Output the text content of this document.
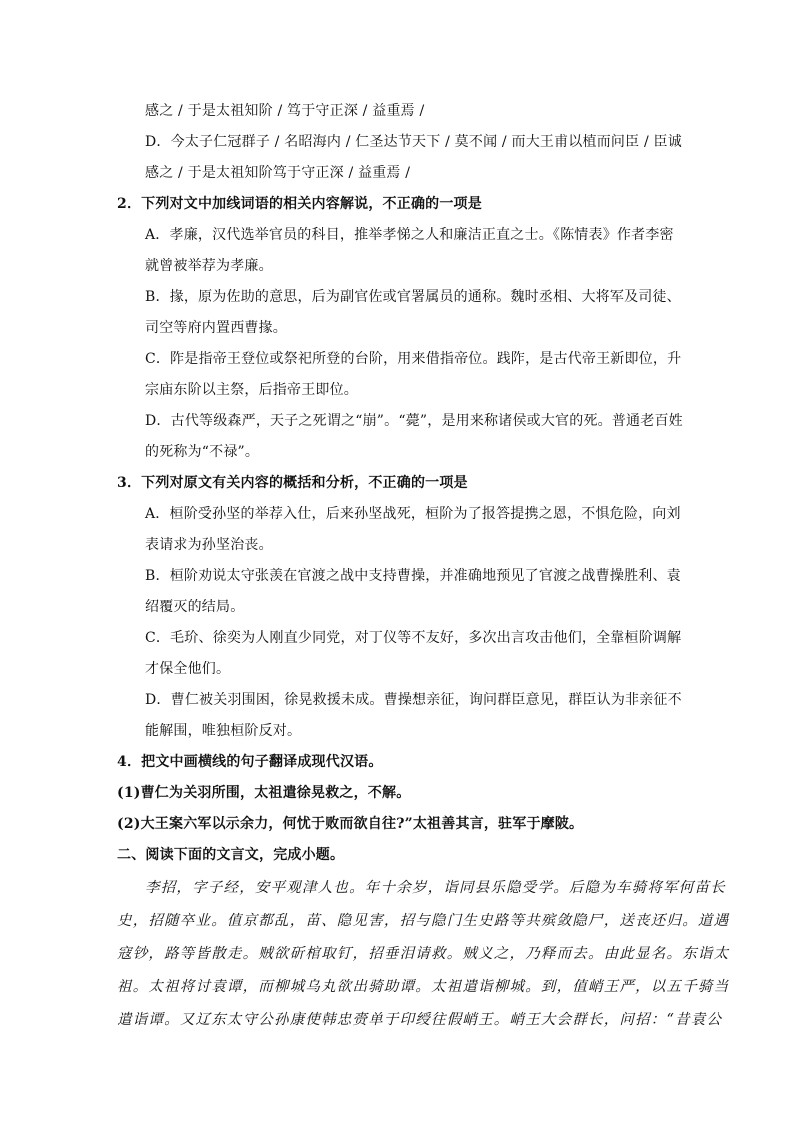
感之 / 于是太祖知阶 / 笃于守正深 / 益重焉 /
D．今太子仁冠群子 / 名昭海内 / 仁圣达节天下 / 莫不闻 / 而大王甫以植而问臣 / 臣诚
感之 / 于是太祖知阶笃于守正深 / 益重焉 /
2．下列对文中加线词语的相关内容解说，不正确的一项是
A．孝廉，汉代选举官员的科目，推举孝悌之人和廉洁正直之士。《陈情表》作者李密
就曾被举荐为孝廉。
B．掾，原为佐助的意思，后为副官佐或官署属员的通称。魏时丞相、大将军及司徒、
司空等府内置西曹掾。
C．阼是指帝王登位或祭祀所登的台阶，用来借指帝位。践阼，是古代帝王新即位，升
宗庙东阶以主祭，后指帝王即位。
D．古代等级森严，天子之死谓之“崩”。“薨”，是用来称诸侯或大官的死。普通老百姓
的死称为“不禄”。
3．下列对原文有关内容的概括和分析，不正确的一项是
A．桓阶受孙坚的举荐入仕，后来孙坚战死，桓阶为了报答提携之恩，不惧危险，向刘
表请求为孙坚治丧。
B．桓阶劝说太守张羡在官渡之战中支持曹操，并准确地预见了官渡之战曹操胜利、袁
绍覆灭的结局。
C．毛玠、徐奕为人刚直少同党，对丁仪等不友好，多次出言攻击他们，全靠桓阶调解
才保全他们。
D．曹仁被关羽围困，徐晃救援未成。曹操想亲征，询问群臣意见，群臣认为非亲征不
能解围，唯独桓阶反对。
4．把文中画横线的句子翻译成现代汉语。
(1)曹仁为关羽所围，太祖遣徐晃救之，不解。
(2)大王案六军以示余力，何忧于败而欲自往?”太祖善其言，驻军于摩陂。
二、阅读下面的文言文，完成小题。
李招，字子经，安平观津人也。年十余岁，诣同县乐隐受学。后隐为车骑将军何苗长
史，招随卒业。值京都乱，苗、隐见害，招与隐门生史路等共殡敛隐尸，送丧还归。道遇
寇钞，路等皆散走。贼欲斫棺取钉，招垂泪请救。贼义之，乃释而去。由此显名。东诣太
祖。太祖将讨袁谭，而柳城乌丸欲出骑助谭。太祖遣诣柳城。到，值峭王严，以五千骑当
遣诣谭。又辽东太守公孙康使韩忠赍单于印绶往假峭王。峭王大会群长，问招：“昔袁公
